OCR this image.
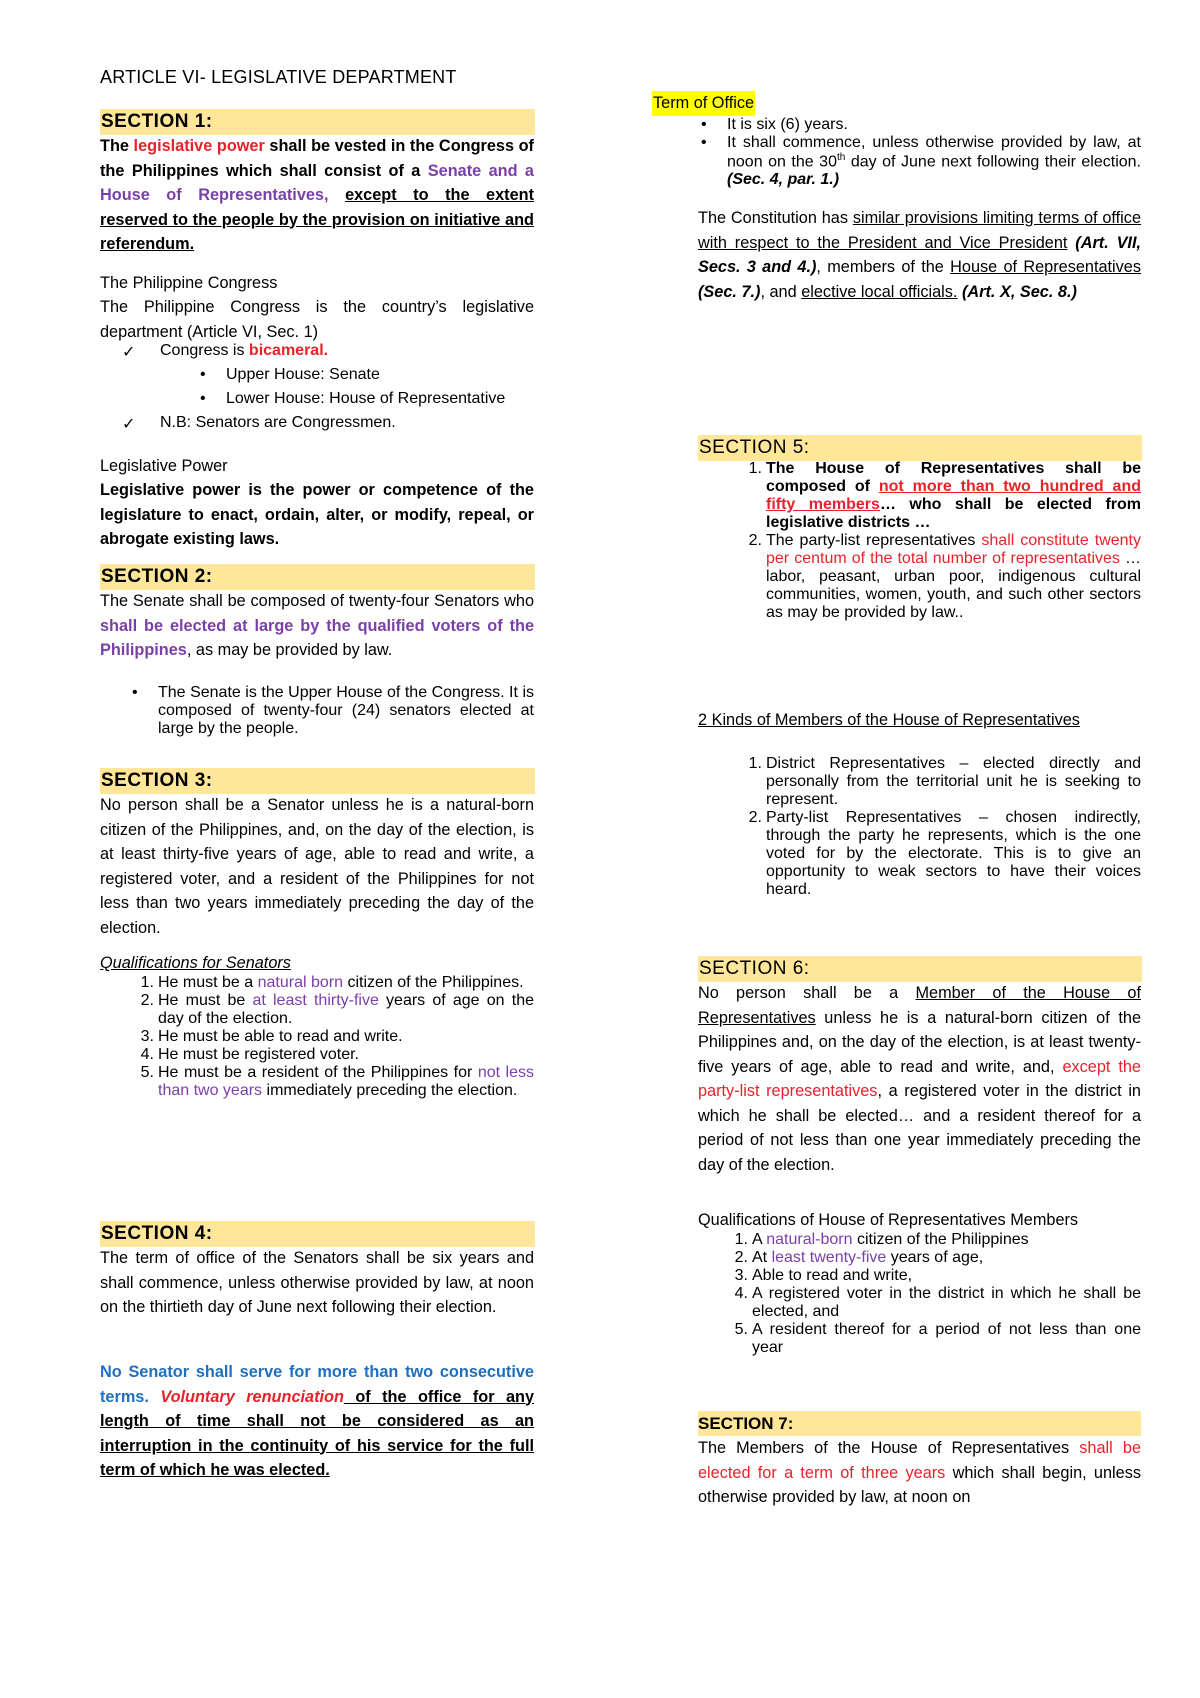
ARTICLE VI- LEGISLATIVE DEPARTMENT

SECTION 1:

The legislative power shall be vested in the Congress of the Philippines which shall consist of a Senate and a House of Representatives, except to the extent reserved to the people by the provision on initiative and referendum.

The Philippine Congress

The Philippine Congress is the country’s legislative department (Article VI, Sec. 1)

✓ Congress is bicameral.
• Upper House: Senate
• Lower House: House of Representative
✓ N.B: Senators are Congressmen.

Legislative Power

Legislative power is the power or competence of the legislature to enact, ordain, alter, or modify, repeal, or abrogate existing laws.

SECTION 2:

The Senate shall be composed of twenty-four Senators who shall be elected at large by the qualified voters of the Philippines, as may be provided by law.

• The Senate is the Upper House of the Congress. It is composed of twenty-four (24) senators elected at large by the people.

SECTION 3:

No person shall be a Senator unless he is a natural-born citizen of the Philippines, and, on the day of the election, is at least thirty-five years of age, able to read and write, a registered voter, and a resident of the Philippines for not less than two years immediately preceding the day of the election.

Qualifications for Senators

1. He must be a natural born citizen of the Philippines.
2. He must be at least thirty-five years of age on the day of the election.
3. He must be able to read and write.
4. He must be registered voter.
5. He must be a resident of the Philippines for not less than two years immediately preceding the election.

SECTION 4:

The term of office of the Senators shall be six years and shall commence, unless otherwise provided by law, at noon on the thirtieth day of June next following their election.

No Senator shall serve for more than two consecutive terms. Voluntary renunciation of the office for any length of time shall not be considered as an interruption in the continuity of his service for the full term of which he was elected.

Term of Office

• It is six (6) years.
• It shall commence, unless otherwise provided by law, at noon on the 30th day of June next following their election. (Sec. 4, par. 1.)

The Constitution has similar provisions limiting terms of office with respect to the President and Vice President (Art. VII, Secs. 3 and 4.), members of the House of Representatives (Sec. 7.), and elective local officials. (Art. X, Sec. 8.)

SECTION 5:

1. The House of Representatives shall be composed of not more than two hundred and fifty members… who shall be elected from legislative districts …
2. The party-list representatives shall constitute twenty per centum of the total number of representatives …labor, peasant, urban poor, indigenous cultural communities, women, youth, and such other sectors as may be provided by law..

2 Kinds of Members of the House of Representatives

1. District Representatives – elected directly and personally from the territorial unit he is seeking to represent.
2. Party-list Representatives – chosen indirectly, through the party he represents, which is the one voted for by the electorate. This is to give an opportunity to weak sectors to have their voices heard.

SECTION 6:

No person shall be a Member of the House of Representatives unless he is a natural-born citizen of the Philippines and, on the day of the election, is at least twenty-five years of age, able to read and write, and, except the party-list representatives, a registered voter in the district in which he shall be elected… and a resident thereof for a period of not less than one year immediately preceding the day of the election.

Qualifications of House of Representatives Members

1. A natural-born citizen of the Philippines
2. At least twenty-five years of age,
3. Able to read and write,
4. A registered voter in the district in which he shall be elected, and
5. A resident thereof for a period of not less than one year

SECTION 7:

The Members of the House of Representatives shall be elected for a term of three years which shall begin, unless otherwise provided by law, at noon on
